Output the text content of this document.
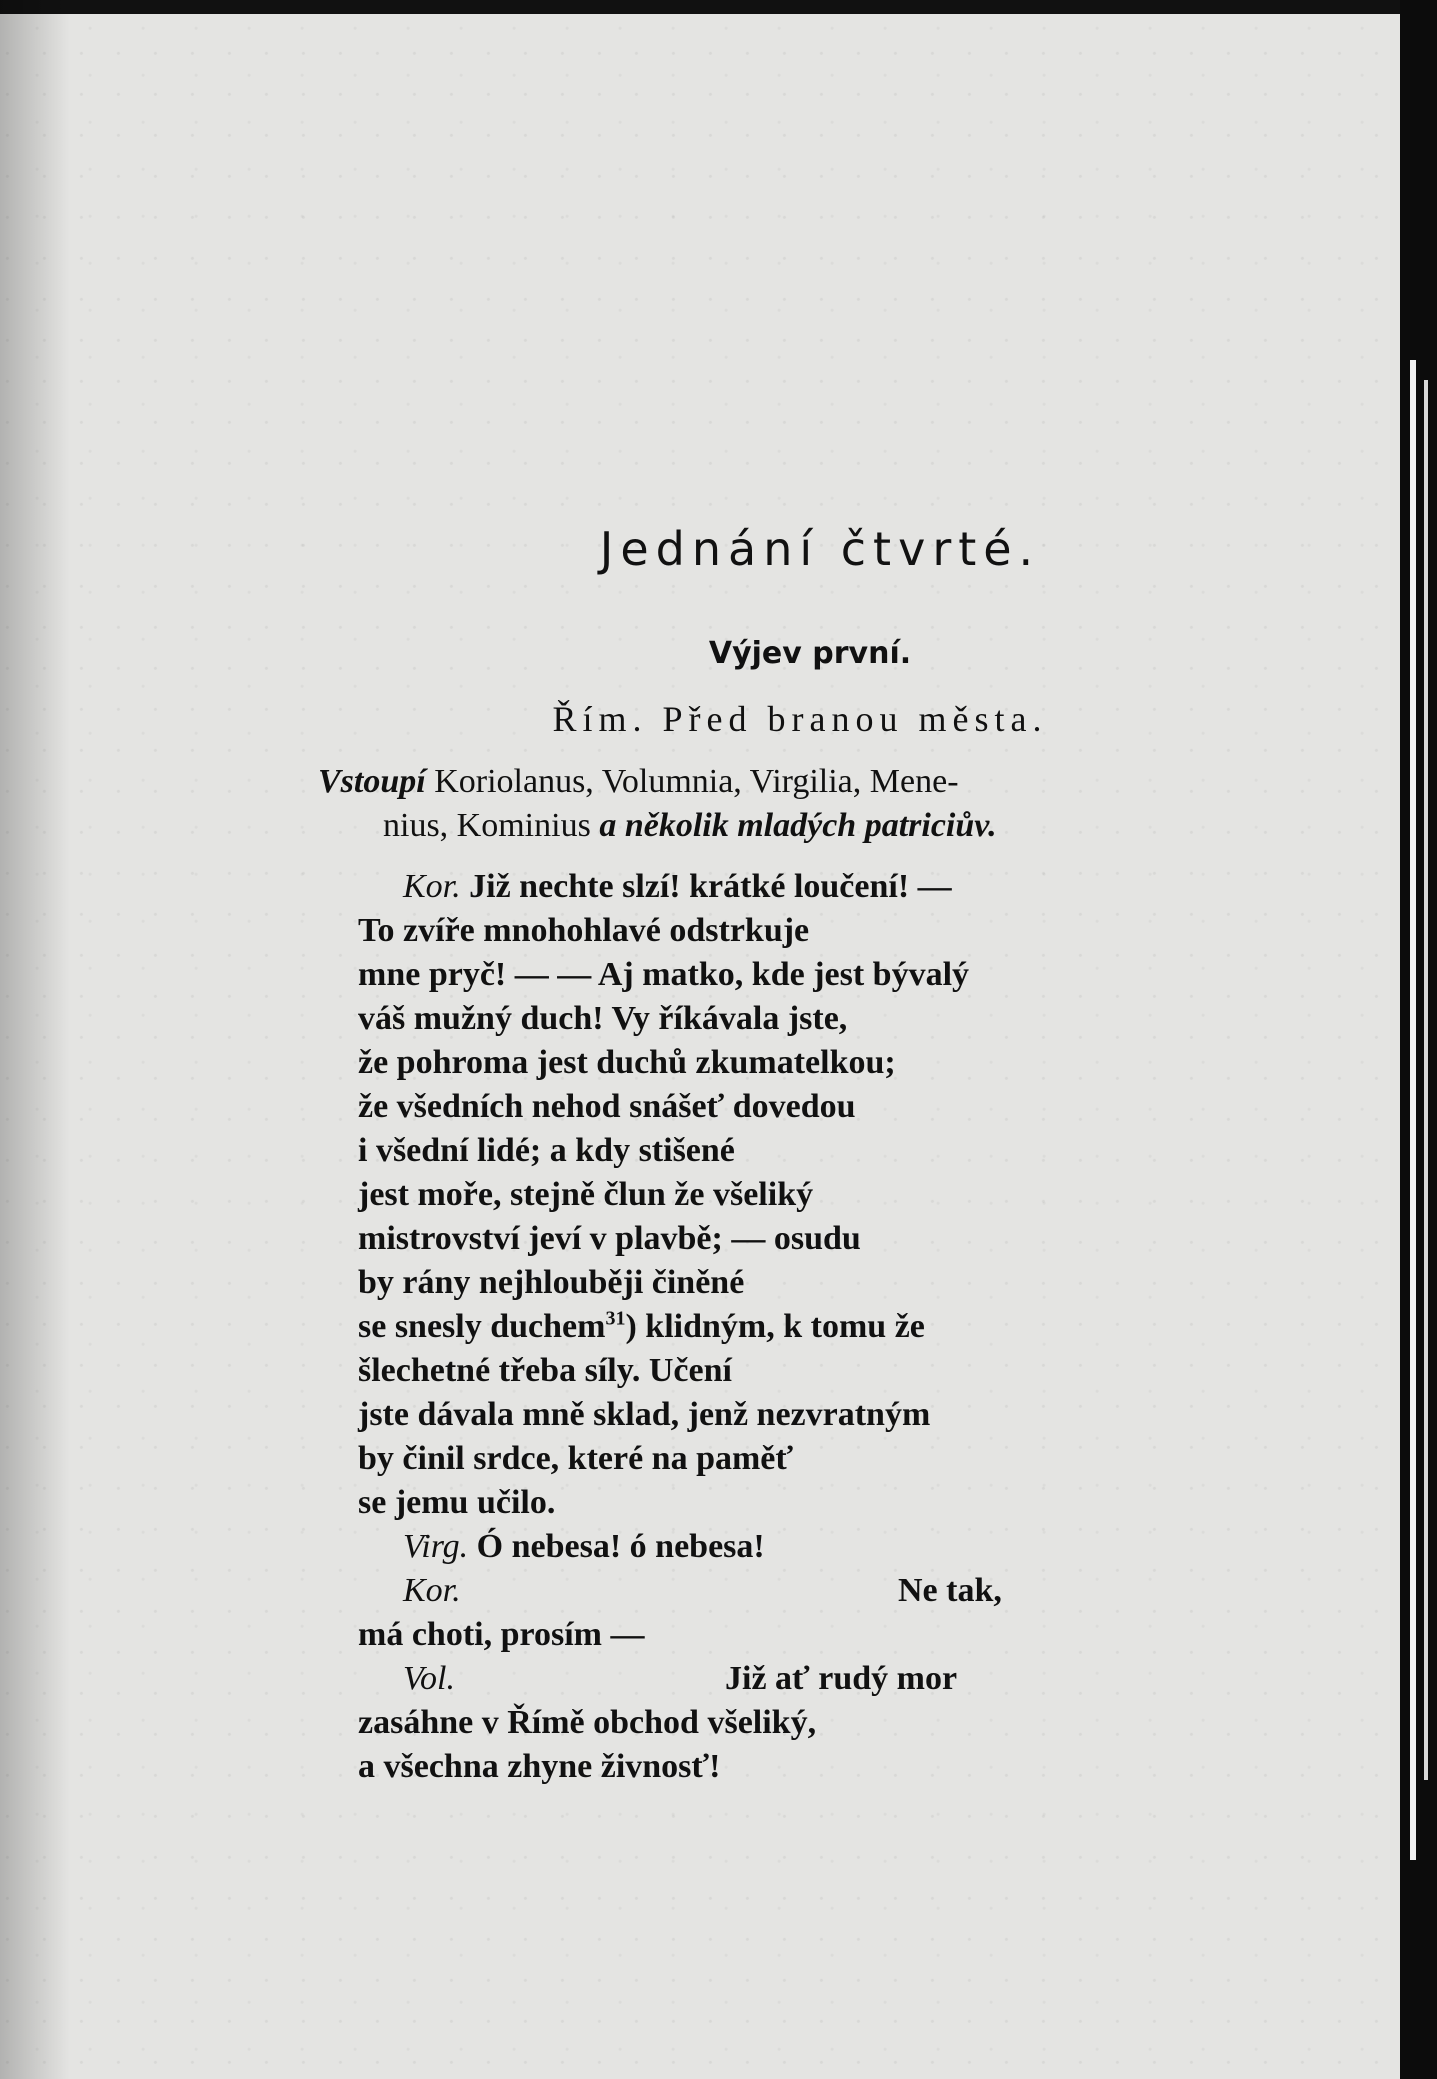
Jednání čtvrté.
Výjev první.
Řím. Před branou města.
Vstoupí Koriolanus, Volumnia, Virgilia, Mene-
nius, Kominius a několik mladých patriciův.
Kor. Již nechte slzí! krátké loučení! —
To zvíře mnohohlavé odstrkuje
mne pryč! — — Aj matko, kde jest bývalý
váš mužný duch! Vy říkávala jste,
že pohroma jest duchů zkumatelkou;
že všedních nehod snášeť dovedou
i všední lidé; a kdy stišené
jest moře, stejně člun že všeliký
mistrovství jeví v plavbě; — osudu
by rány nejhlouběji činěné
se snesly duchem$^{31}$) klidným, k tomu že
šlechetné třeba síly. Učení
jste dávala mně sklad, jenž nezvratným
by činil srdce, které na paměť
se jemu učilo.
Virg. Ó nebesa! ó nebesa!
Kor.	Ne tak,
má choti, prosím —
Vol.	Již ať rudý mor
zasáhne v Římě obchod všeliký,
a všechna zhyne živnosť!
